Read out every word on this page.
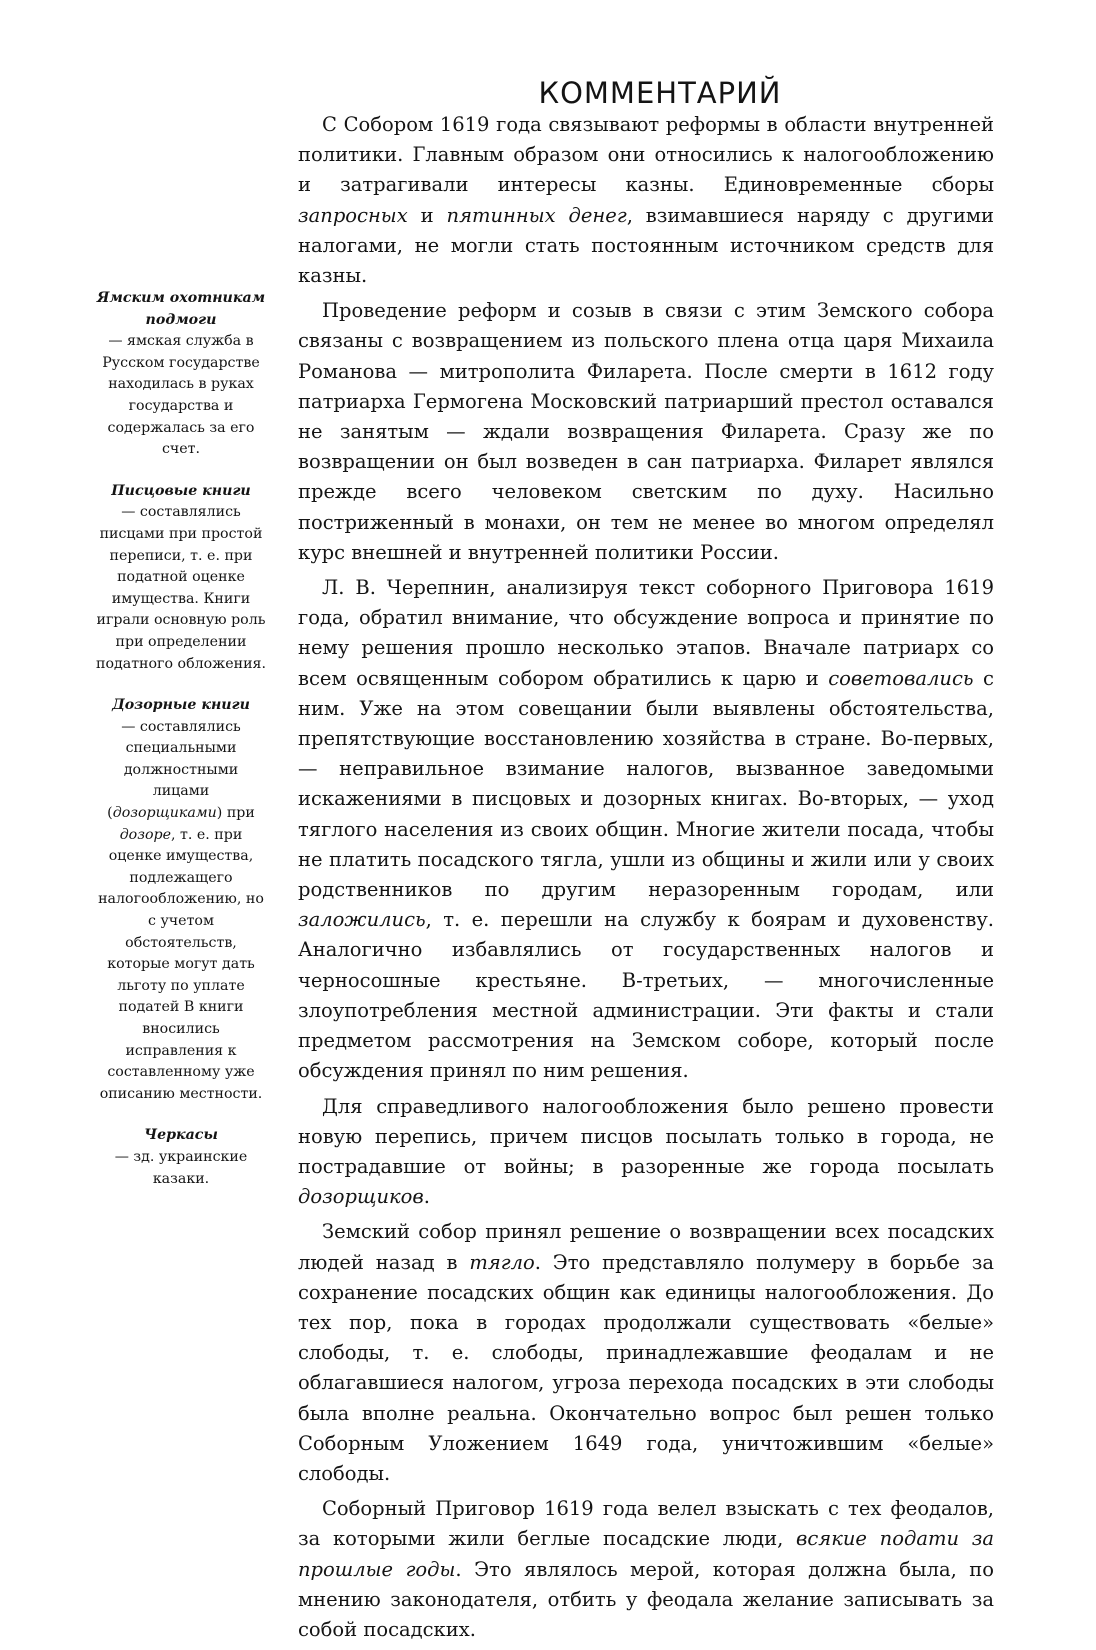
КОММЕНТАРИЙ

С Собором 1619 года связывают реформы в области внутренней политики. Главным образом они относились к налогообложению и затрагивали интересы казны. Единовременные сборы запросных и пятинных денег, взимавшиеся наряду с другими налогами, не могли стать постоянным источником средств для казны.

Проведение реформ и созыв в связи с этим Земского собора связаны с возвращением из польского плена отца царя Михаила Романова — митрополита Филарета. После смерти в 1612 году патриарха Гермогена Московский патриарший престол оставался не занятым — ждали возвращения Филарета. Сразу же по возвращении он был возведен в сан патриарха. Филарет являлся прежде всего человеком светским по духу. Насильно постриженный в монахи, он тем не менее во многом определял курс внешней и внутренней политики России.

Л. В. Черепнин, анализируя текст соборного Приговора 1619 года, обратил внимание, что обсуждение вопроса и принятие по нему решения прошло несколько этапов. Вначале патриарх со всем освященным собором обратились к царю и советовались с ним. Уже на этом совещании были выявлены обстоятельства, препятствующие восстановлению хозяйства в стране. Во-первых, — неправильное взимание налогов, вызванное заведомыми искажениями в писцовых и дозорных книгах. Во-вторых, — уход тяглого населения из своих общин. Многие жители посада, чтобы не платить посадского тягла, ушли из общины и жили или у своих родственников по другим неразоренным городам, или заложились, т. е. перешли на службу к боярам и духовенству. Аналогично избавлялись от государственных налогов и черносошные крестьяне. В-третьих, — многочисленные злоупотребления местной администрации. Эти факты и стали предметом рассмотрения на Земском соборе, который после обсуждения принял по ним решения.

Для справедливого налогообложения было решено провести новую перепись, причем писцов посылать только в города, не пострадавшие от войны; в разоренные же города посылать дозорщиков.

Земский собор принял решение о возвращении всех посадских людей назад в тягло. Это представляло полумеру в борьбе за сохранение посадских общин как единицы налогообложения. До тех пор, пока в городах продолжали существовать «белые» слободы, т. е. слободы, принадлежавшие феодалам и не облагавшиеся налогом, угроза перехода посадских в эти слободы была вполне реальна. Окончательно вопрос был решен только Соборным Уложением 1649 года, уничтожившим «белые» слободы.

Соборный Приговор 1619 года велел взыскать с тех феодалов, за которыми жили беглые посадские люди, всякие подати за прошлые годы. Это являлось мерой, которая должна была, по мнению законодателя, отбить у феодала желание записывать за собой посадских.

Ямским охотникам подмоги
— ямская служба в Русском государстве находилась в руках государства и содержалась за его счет.
Писцовые книги
— составлялись писцами при простой переписи, т. е. при податной оценке имущества. Книги играли основную роль при определении податного обложения.
Дозорные книги
— составлялись специальными должностными лицами (дозорщиками) при дозоре, т. е. при оценке имущества, подлежащего налогообложению, но с учетом обстоятельств, которые могут дать льготу по уплате податей В книги вносились исправления к составленному уже описанию местности.
Черкасы
— зд. украинские казаки.
